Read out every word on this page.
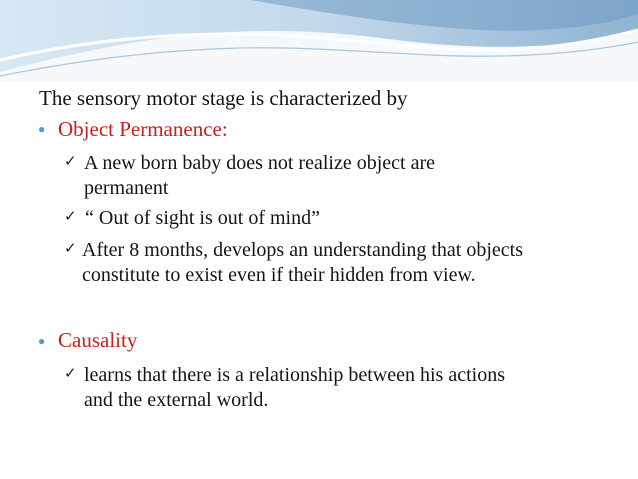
The sensory motor stage is characterized by
● Object Permanence:
✓ A new born baby does not realize object are
permanent
✓ “ Out of sight is out of mind”
✓ After 8 months, develops an understanding that objects
constitute to exist even if their hidden from view.
● Causality
✓ learns that there is a relationship between his actions
and the external world.
